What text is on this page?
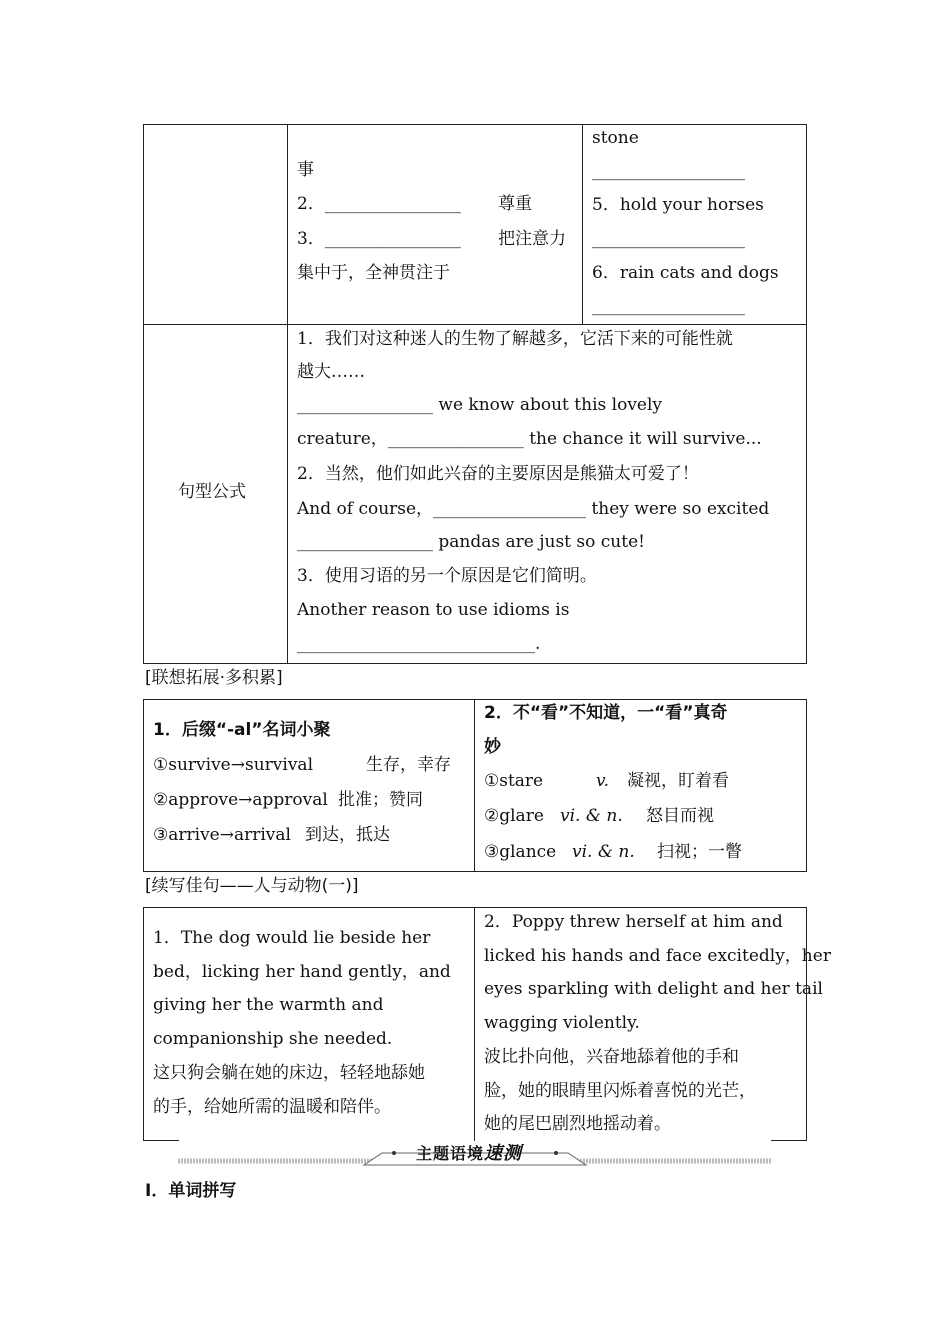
事
2．________________ 尊重
3．________________ 把注意力
集中于，全神贯注于
stone
__________________
5．hold your horses
__________________
6．rain cats and dogs
__________________
句型公式
1．我们对这种迷人的生物了解越多，它活下来的可能性就
越大……
________________ we know about this lovely
creature，________________ the chance it will survive...
2．当然，他们如此兴奋的主要原因是熊猫太可爱了！
And of course，__________________ they were so excited
________________ pandas are just so cute!
3．使用习语的另一个原因是它们简明。
Another reason to use idioms is
____________________________.
[联想拓展·多积累]
1．后缀“-al”名词小聚
①survive→survival	生存，幸存
②approve→approval 批准；赞同
③arrive→arrival 到达，抵达
2．不“看”不知道，一“看”真奇
妙
①stare	v. 凝视，盯着看
②glare vi. & n. 怒目而视
③glance vi. & n. 扫视；一瞥
[续写佳句——人与动物(一)]
1．The dog would lie beside her
bed，licking her hand gently，and
giving her the warmth and
companionship she needed.
这只狗会躺在她的床边，轻轻地舔她
的手，给她所需的温暖和陪伴。
2．Poppy threw herself at him and
licked his hands and face excitedly，her
eyes sparkling with delight and her tail
wagging violently.
波比扑向他，兴奋地舔着他的手和
脸，她的眼睛里闪烁着喜悦的光芒，
她的尾巴剧烈地摇动着。
主题语境速测
Ⅰ．单词拼写
